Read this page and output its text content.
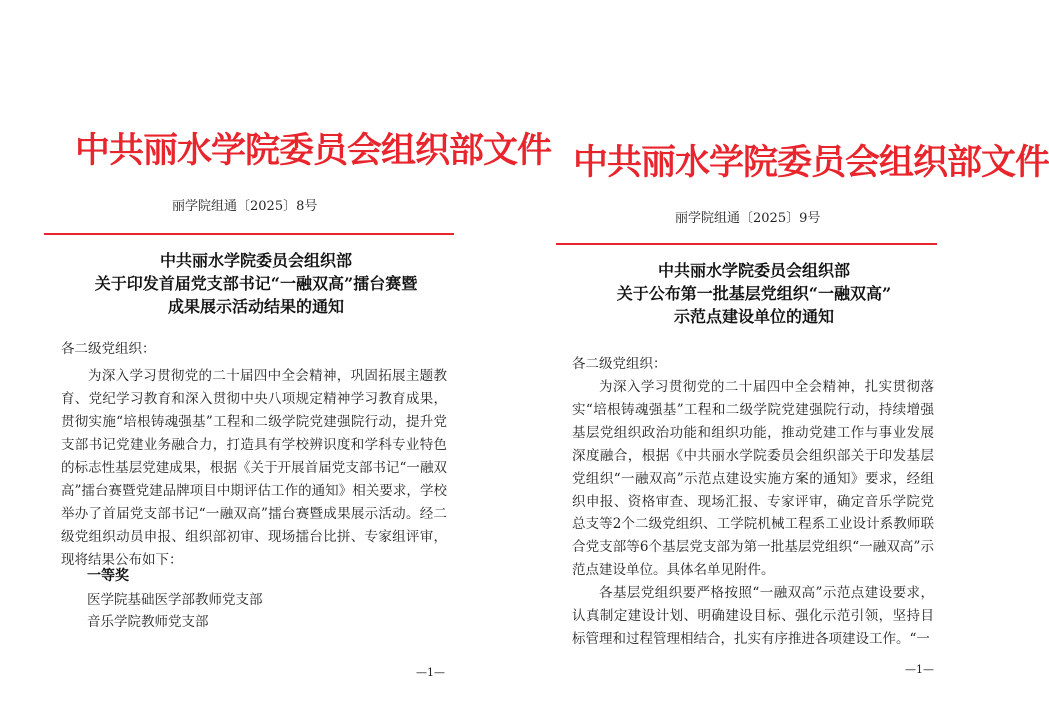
中共丽水学院委员会组织部文件

丽学院组通〔2025〕8号

中共丽水学院委员会组织部
关于印发首届党支部书记“一融双高”擂台赛暨
成果展示活动结果的通知

各二级党组织：

为深入学习贯彻党的二十届四中全会精神，巩固拓展主题教育、党纪学习教育和深入贯彻中央八项规定精神学习教育成果，贯彻实施“培根铸魂强基”工程和二级学院党建强院行动，提升党支部书记党建业务融合力，打造具有学校辨识度和学科专业特色的标志性基层党建成果，根据《关于开展首届党支部书记“一融双高”擂台赛暨党建品牌项目中期评估工作的通知》相关要求，学校举办了首届党支部书记“一融双高”擂台赛暨成果展示活动。经二级党组织动员申报、组织部初审、现场擂台比拼、专家组评审，现将结果公布如下：

一等奖

医学院基础医学部教师党支部

音乐学院教师党支部

—1—

中共丽水学院委员会组织部文件

丽学院组通〔2025〕9号

中共丽水学院委员会组织部
关于公布第一批基层党组织“一融双高”
示范点建设单位的通知

各二级党组织：

为深入学习贯彻党的二十届四中全会精神，扎实贯彻落实“培根铸魂强基”工程和二级学院党建强院行动，持续增强基层党组织政治功能和组织功能，推动党建工作与事业发展深度融合，根据《中共丽水学院委员会组织部关于印发基层党组织“一融双高”示范点建设实施方案的通知》要求，经组织申报、资格审查、现场汇报、专家评审，确定音乐学院党总支等2个二级党组织、工学院机械工程系工业设计系教师联合党支部等6个基层党支部为第一批基层党组织“一融双高”示范点建设单位。具体名单见附件。

各基层党组织要严格按照“一融双高”示范点建设要求，认真制定建设计划、明确建设目标、强化示范引领，坚持目标管理和过程管理相结合，扎实有序推进各项建设工作。“一

—1—
